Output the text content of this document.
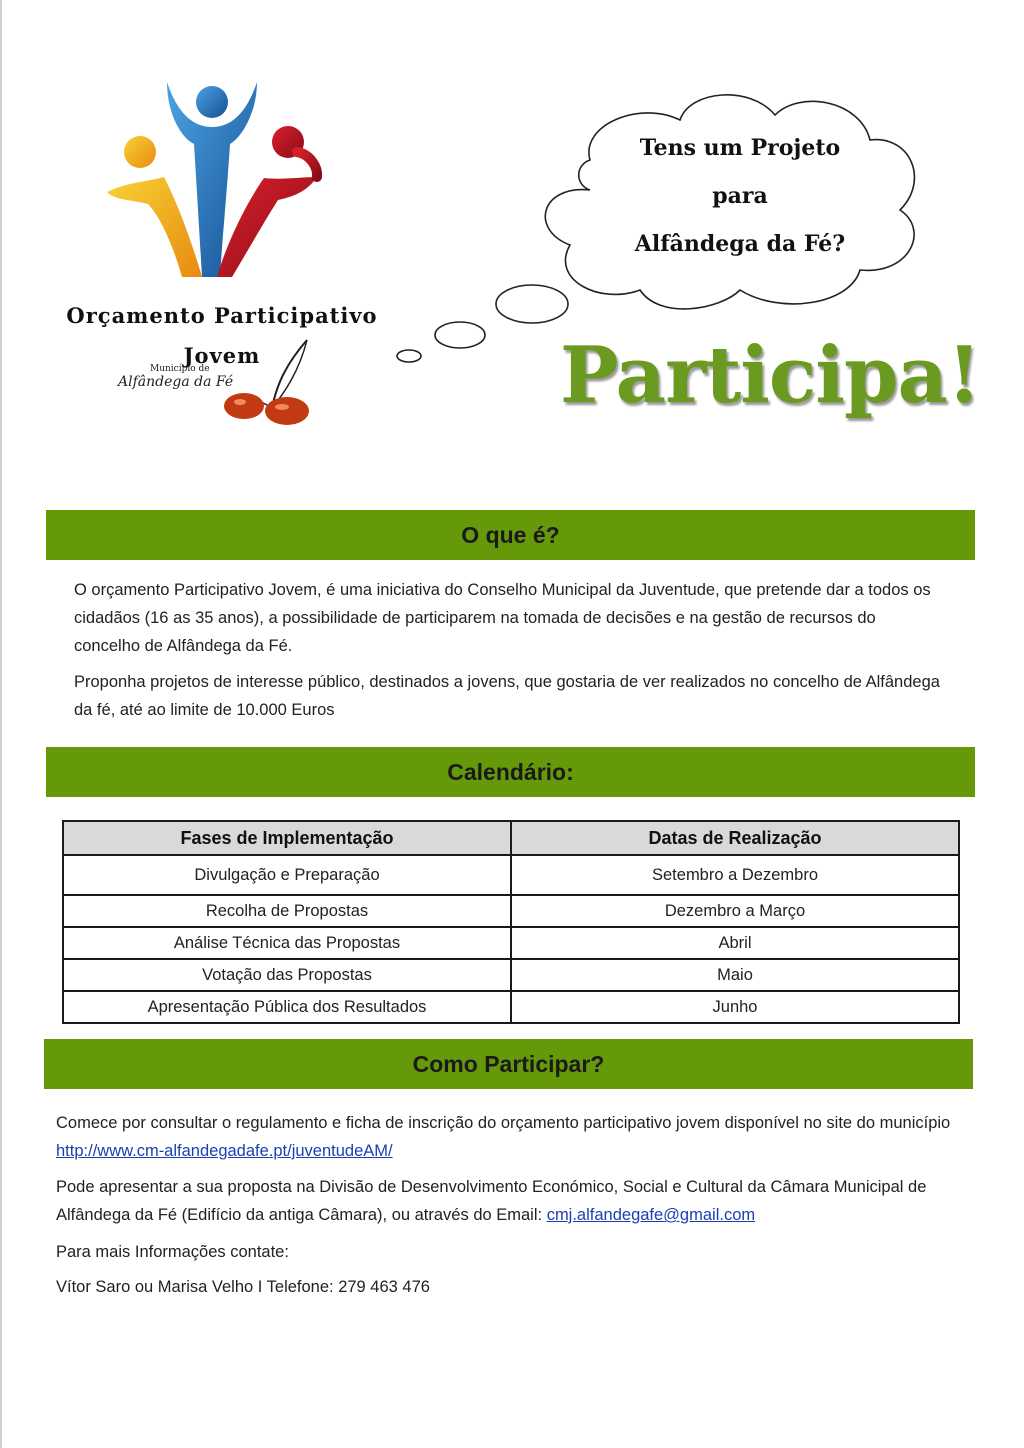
Orçamento Participativo
Jovem
Município de
Alfândega da Fé
Tens um Projeto
para
Alfândega da Fé?
Participa!
O que é?
O orçamento Participativo Jovem, é uma iniciativa do Conselho Municipal da Juventude, que pretende dar a todos os cidadãos (16 as 35 anos), a possibilidade de participarem na tomada de decisões e na gestão de recursos do concelho de Alfândega da Fé.
Proponha projetos de interesse público, destinados a jovens, que gostaria de ver realizados no concelho de Alfândega da fé, até ao limite de 10.000 Euros
Calendário:
Fases de Implementação	Datas de Realização
Divulgação e Preparação	Setembro a Dezembro
Recolha de Propostas	Dezembro a Março
Análise Técnica das Propostas	Abril
Votação das Propostas	Maio
Apresentação Pública dos Resultados	Junho
Como Participar?
Comece por consultar o regulamento e ficha de inscrição do orçamento participativo jovem disponível no site do município http://www.cm-alfandegadafe.pt/juventudeAM/
Pode apresentar a sua proposta na Divisão de Desenvolvimento Económico, Social e Cultural da Câmara Municipal de Alfândega da Fé (Edifício da antiga Câmara), ou através do Email: cmj.alfandegafe@gmail.com
Para mais Informações contate:
Vítor Saro ou Marisa Velho I Telefone: 279 463 476
